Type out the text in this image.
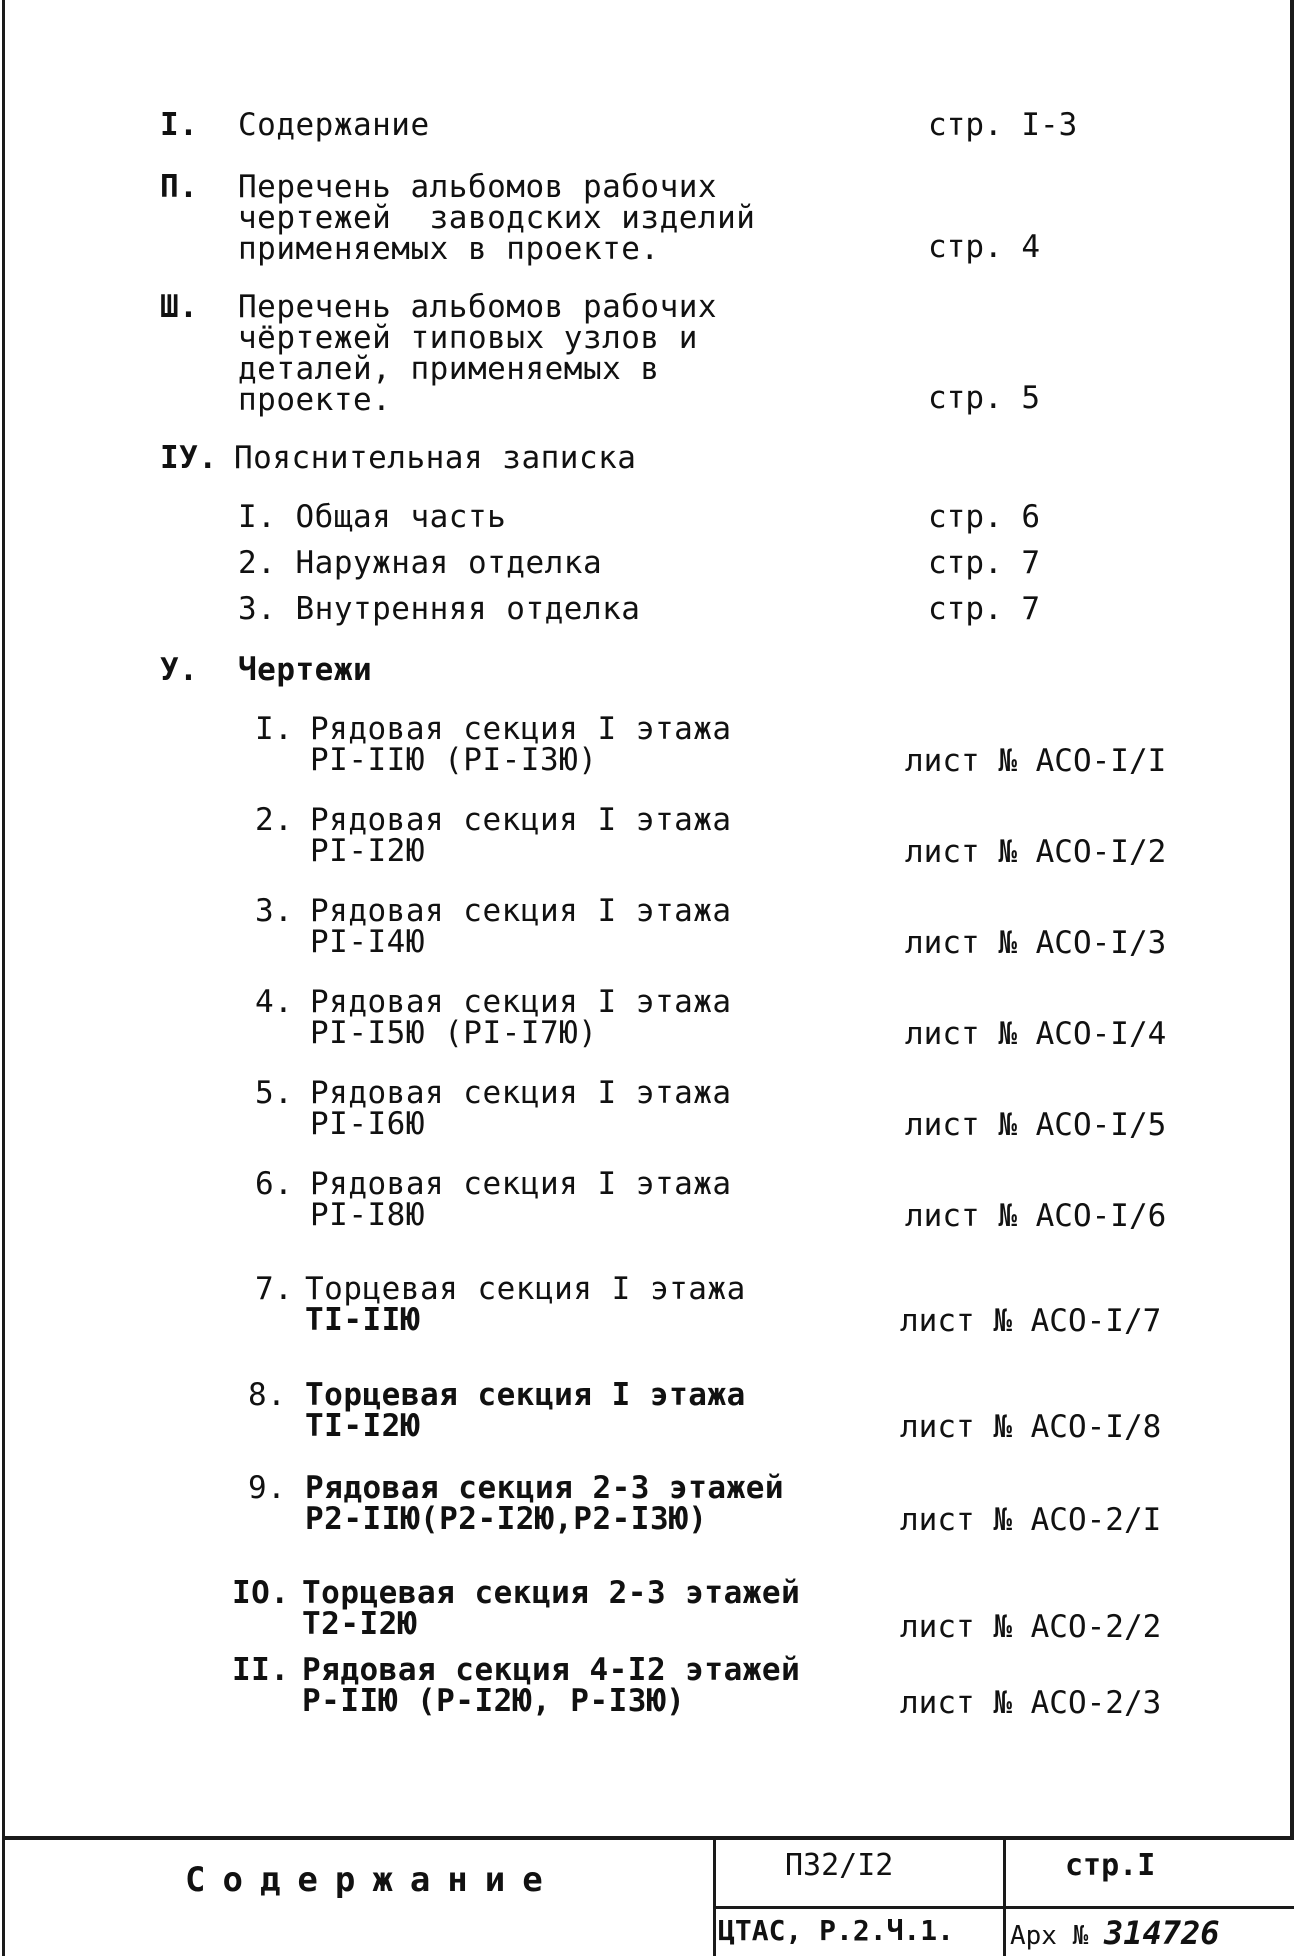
I. Содержание	стр. I-3
П. Перечень альбомов рабочих
чертежей  заводских изделий
применяемых в проекте.	стр. 4
Ш. Перечень альбомов рабочих
чёртежей типовых узлов и
деталей, применяемых в
проекте.	стр. 5
IУ. Пояснительная записка
I. Общая часть	стр. 6
2. Наружная отделка	стр. 7
3. Внутренняя отделка	стр. 7
У. Чертежи
I. Рядовая секция I этажа
PI-IIЮ (PI-I3Ю)	лист № АСО-I/I
2. Рядовая секция I этажа
PI-I2Ю	лист № АСО-I/2
3. Рядовая секция I этажа
PI-I4Ю	лист № АСО-I/3
4. Рядовая секция I этажа
PI-I5Ю (PI-I7Ю)	лист № АСО-I/4
5. Рядовая секция I этажа
PI-I6Ю	лист № АСО-I/5
6. Рядовая секция I этажа
PI-I8Ю	лист № АСО-I/6
7. Торцевая секция I этажа
TI-IIЮ	лист № АСО-I/7
8. Торцевая секция I этажа
TI-I2Ю	лист № АСО-I/8
9. Рядовая секция 2-3 этажей
P2-IIЮ(P2-I2Ю,P2-I3Ю)	лист № АСО-2/I
IO. Торцевая секция 2-3 этажей
T2-I2Ю	лист № АСО-2/2
II. Рядовая секция 4-I2 этажей
P-IIЮ (P-I2Ю, P-I3Ю)	лист № АСО-2/3
Содержание	П32/I2	стр.I
ЦТАС, Р.2.Ч.1. Арх № 314726
